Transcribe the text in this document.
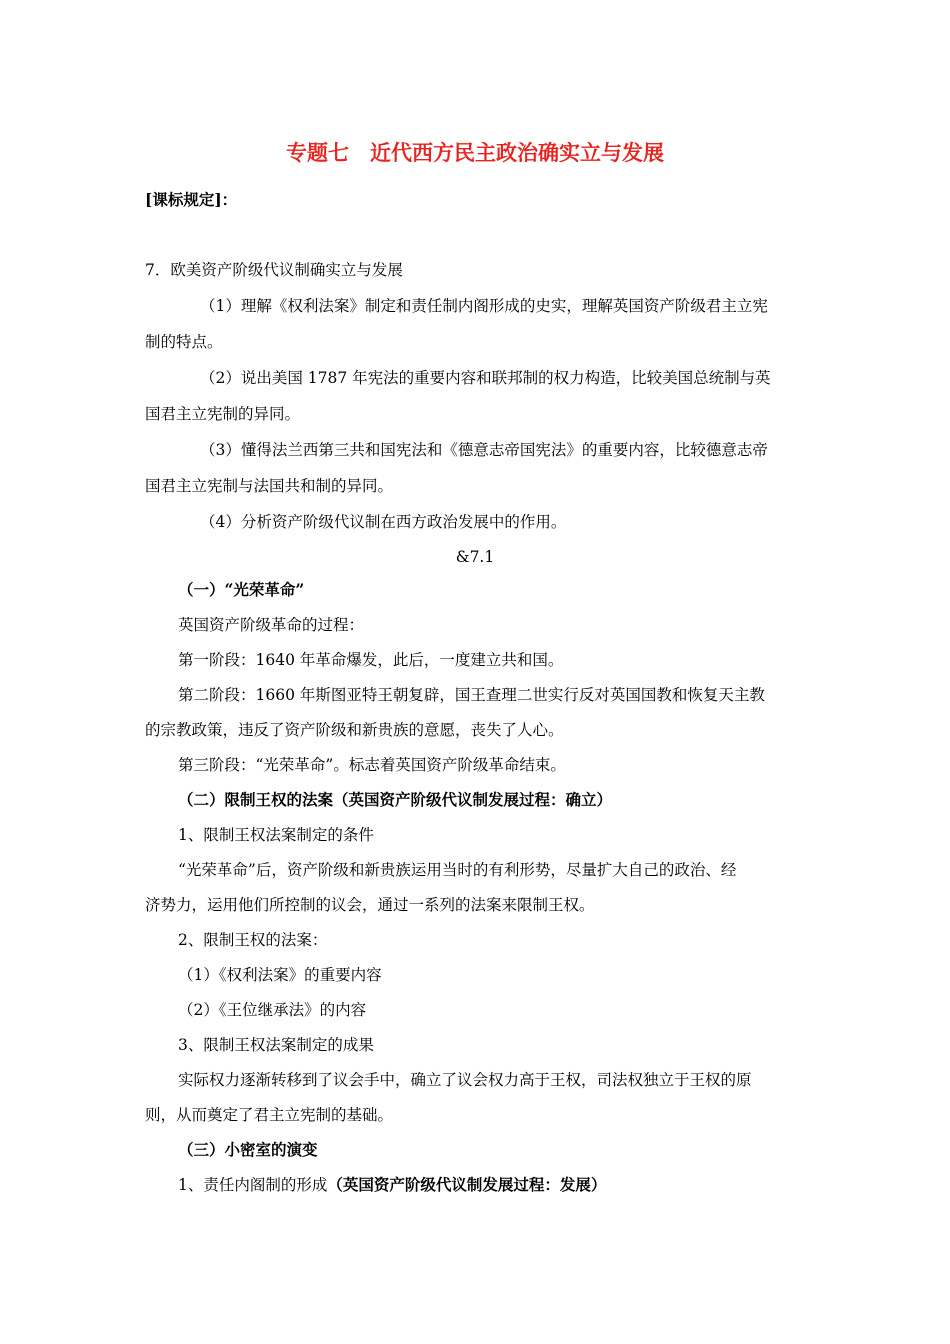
专题七　近代西方民主政治确实立与发展
[课标规定]：
7．欧美资产阶级代议制确实立与发展
（1）理解《权利法案》制定和责任制内阁形成的史实，理解英国资产阶级君主立宪
制的特点。
（2）说出美国 1787 年宪法的重要内容和联邦制的权力构造，比较美国总统制与英
国君主立宪制的异同。
（3）懂得法兰西第三共和国宪法和《德意志帝国宪法》的重要内容，比较德意志帝
国君主立宪制与法国共和制的异同。
（4）分析资产阶级代议制在西方政治发展中的作用。
&7.1
（一）“光荣革命”
英国资产阶级革命的过程：
第一阶段：1640 年革命爆发，此后，一度建立共和国。
第二阶段：1660 年斯图亚特王朝复辟，国王查理二世实行反对英国国教和恢复天主教
的宗教政策，违反了资产阶级和新贵族的意愿，丧失了人心。
第三阶段：“光荣革命”。标志着英国资产阶级革命结束。
（二）限制王权的法案（英国资产阶级代议制发展过程：确立）
1、限制王权法案制定的条件
“光荣革命”后，资产阶级和新贵族运用当时的有利形势，尽量扩大自己的政治、经
济势力，运用他们所控制的议会，通过一系列的法案来限制王权。
2、限制王权的法案：
（1）《权利法案》的重要内容
（2）《王位继承法》的内容
3、限制王权法案制定的成果
实际权力逐渐转移到了议会手中，确立了议会权力高于王权，司法权独立于王权的原
则，从而奠定了君主立宪制的基础。
（三）小密室的演变
1、责任内阁制的形成（英国资产阶级代议制发展过程：发展）
